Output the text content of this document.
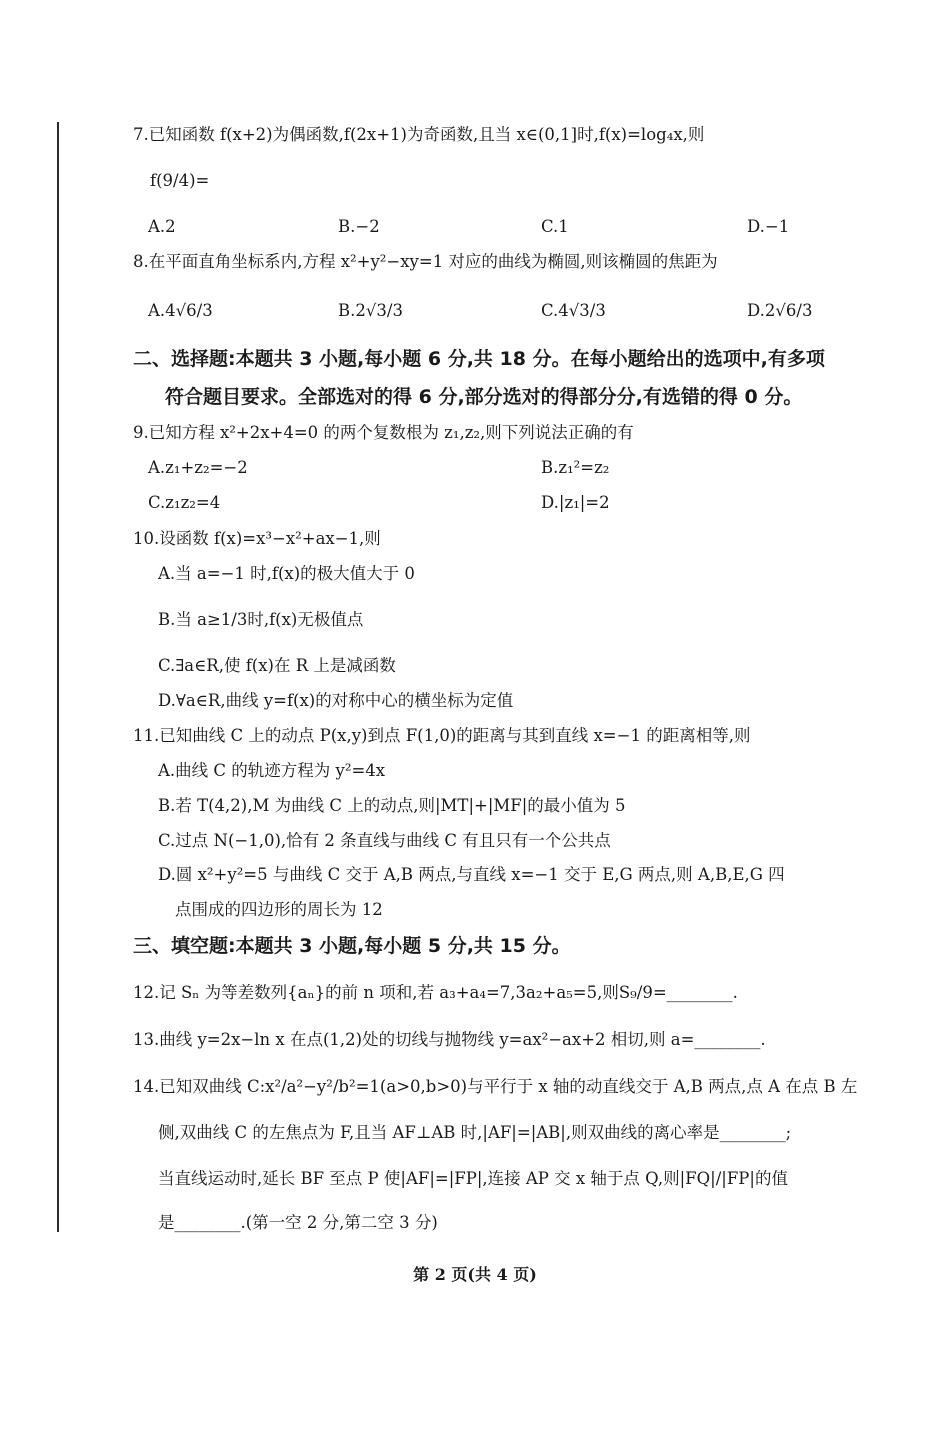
7.已知函数 f(x+2)为偶函数,f(2x+1)为奇函数,且当 x∈(0,1]时,f(x)=log₄x,则
f(9/4)=
A.2	B.−2	C.1	D.−1
8.在平面直角坐标系内,方程 x²+y²−xy=1 对应的曲线为椭圆,则该椭圆的焦距为
A.4√6/3	B.2√3/3	C.4√3/3	D.2√6/3
二、选择题:本题共 3 小题,每小题 6 分,共 18 分。在每小题给出的选项中,有多项
符合题目要求。全部选对的得 6 分,部分选对的得部分分,有选错的得 0 分。
9.已知方程 x²+2x+4=0 的两个复数根为 z₁,z₂,则下列说法正确的有
A.z₁+z₂=−2	B.z₁²=z₂
C.z₁z₂=4	D.|z₁|=2
10.设函数 f(x)=x³−x²+ax−1,则
A.当 a=−1 时,f(x)的极大值大于 0
B.当 a≥1/3时,f(x)无极值点
C.∃a∈R,使 f(x)在 R 上是减函数
D.∀a∈R,曲线 y=f(x)的对称中心的横坐标为定值
11.已知曲线 C 上的动点 P(x,y)到点 F(1,0)的距离与其到直线 x=−1 的距离相等,则
A.曲线 C 的轨迹方程为 y²=4x
B.若 T(4,2),M 为曲线 C 上的动点,则|MT|+|MF|的最小值为 5
C.过点 N(−1,0),恰有 2 条直线与曲线 C 有且只有一个公共点
D.圆 x²+y²=5 与曲线 C 交于 A,B 两点,与直线 x=−1 交于 E,G 两点,则 A,B,E,G 四
点围成的四边形的周长为 12
三、填空题:本题共 3 小题,每小题 5 分,共 15 分。
12.记 Sₙ 为等差数列{aₙ}的前 n 项和,若 a₃+a₄=7,3a₂+a₅=5,则S₉/9=________.
13.曲线 y=2x−ln x 在点(1,2)处的切线与抛物线 y=ax²−ax+2 相切,则 a=________.
14.已知双曲线 C:x²/a²−y²/b²=1(a>0,b>0)与平行于 x 轴的动直线交于 A,B 两点,点 A 在点 B 左
侧,双曲线 C 的左焦点为 F,且当 AF⊥AB 时,|AF|=|AB|,则双曲线的离心率是________;
当直线运动时,延长 BF 至点 P 使|AF|=|FP|,连接 AP 交 x 轴于点 Q,则|FQ|/|FP|的值
是________.(第一空 2 分,第二空 3 分)
第 2 页(共 4 页)
